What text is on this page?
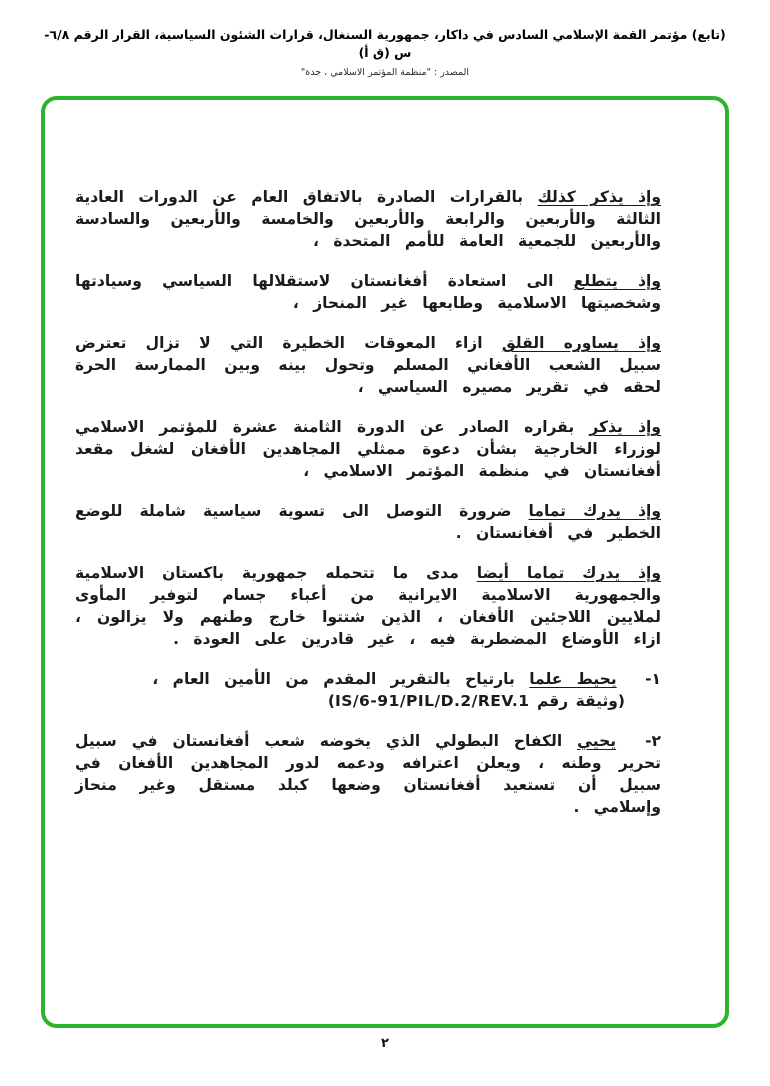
(تابع) مؤتمر القمة الإسلامي السادس في داكار، جمهورية السنغال، قرارات الشئون السياسية، القرار الرقم ٦/٨-س (ق أ)
المصدر : "منظمة المؤتمر الاسلامي ، جدة"

وإذ يذكر كذلك بالقرارات الصادرة بالاتفاق العام عن الدورات العادية الثالثة والأربعين والرابعة والأربعين والخامسة والأربعين والسادسة والأربعين للجمعية العامة للأمم المتحدة ،

وإذ يتطلع الى استعادة أفغانستان لاستقلالها السياسي وسيادتها وشخصيتها الاسلامية وطابعها غير المنحاز ،

وإذ يساوره القلق ازاء المعوقات الخطيرة التي لا تزال تعترض سبيل الشعب الأفغاني المسلم وتحول بينه وبين الممارسة الحرة لحقه في تقرير مصيره السياسي ،

وإذ يذكر بقراره الصادر عن الدورة الثامنة عشرة للمؤتمر الاسلامي لوزراء الخارجية بشأن دعوة ممثلي المجاهدين الأفغان لشغل مقعد أفغانستان في منظمة المؤتمر الاسلامي ،

وإذ يدرك تماما ضرورة التوصل الى تسوية سياسية شاملة للوضع الخطير في أفغانستان .

وإذ يدرك تماما أيضا مدى ما تتحمله جمهورية باكستان الاسلامية والجمهورية الاسلامية الايرانية من أعباء جسام لتوفير المأوى لملايين اللاجئين الأفغان ، الذين شتتوا خارج وطنهم ولا يزالون ، ازاء الأوضاع المضطربة فيه ، غير قادرين على العودة .

١- يحيط علما بارتياح بالتقرير المقدم من الأمين العام ،
(وثيقة رقم IS/6-91/PIL/D.2/REV.1)

٢- يحيي الكفاح البطولي الذي يخوضه شعب أفغانستان في سبيل تحرير وطنه ، ويعلن اعترافه ودعمه لدور المجاهدين الأفغان في سبيل أن تستعيد أفغانستان وضعها كبلد مستقل وغير منحاز وإسلامي .

٢
